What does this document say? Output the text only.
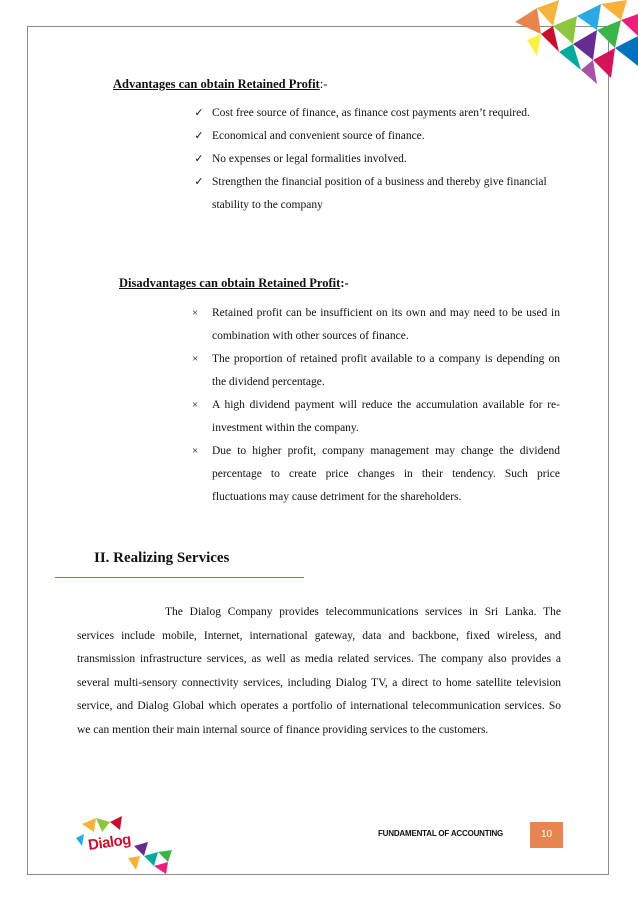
Advantages can obtain Retained Profit:-
✓ Cost free source of finance, as finance cost payments aren’t required.
✓ Economical and convenient source of finance.
✓ No expenses or legal formalities involved.
✓ Strengthen the financial position of a business and thereby give financial stability to the company
Disadvantages can obtain Retained Profit:-
×	Retained profit can be insufficient on its own and may need to be used in combination with other sources of finance.
×	The proportion of retained profit available to a company is depending on the dividend percentage.
×	A high dividend payment will reduce the accumulation available for re-investment within the company.
×	Due to higher profit, company management may change the dividend percentage to create price changes in their tendency. Such price fluctuations may cause detriment for the shareholders.
II. Realizing Services

The Dialog Company provides telecommunications services in Sri Lanka. The services include mobile, Internet, international gateway, data and backbone, fixed wireless, and transmission infrastructure services, as well as media related services. The company also provides a several multi-sensory connectivity services, including Dialog TV, a direct to home satellite television service, and Dialog Global which operates a portfolio of international telecommunication services. So we can mention their main internal source of finance providing services to the customers.

Dialog	FUNDAMENTAL OF ACCOUNTING	10
